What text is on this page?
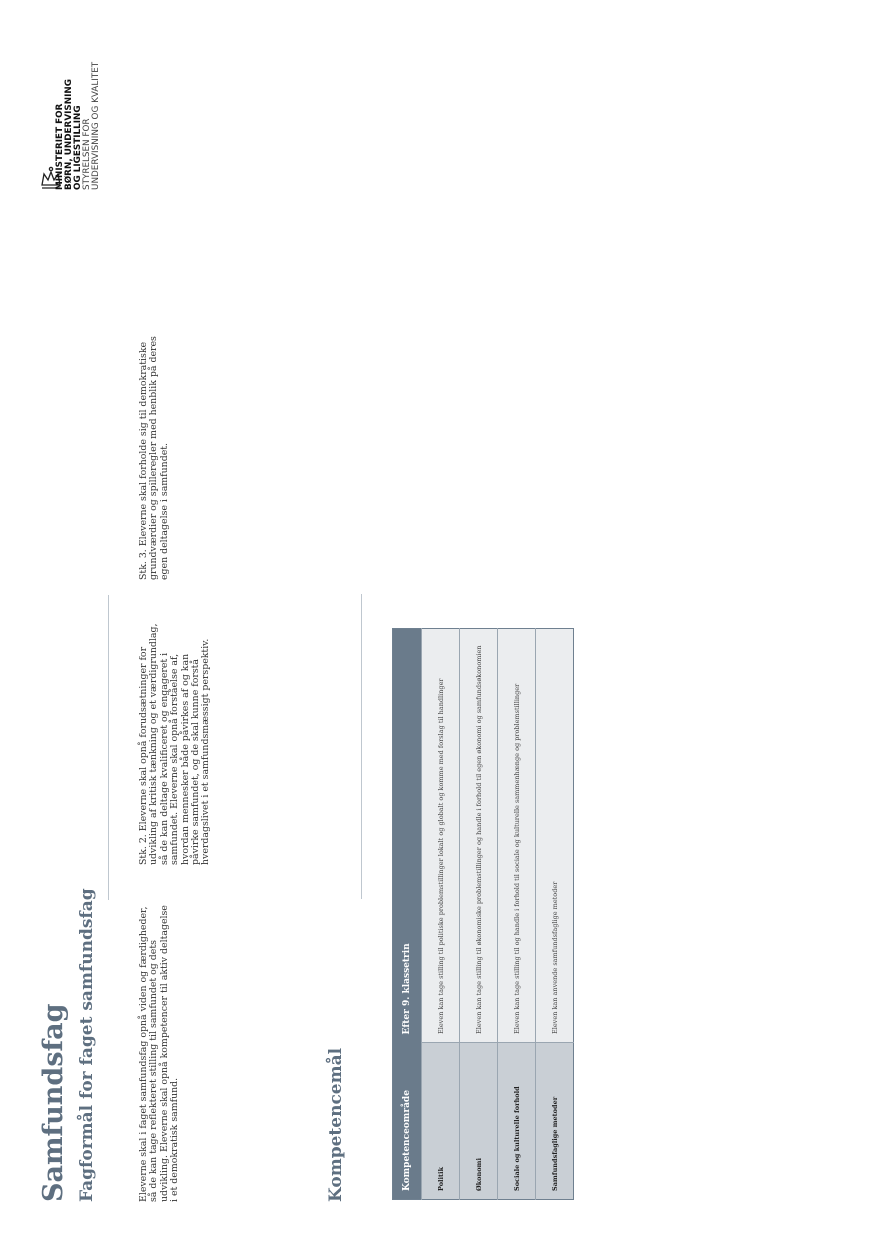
Samfundsfag Fagformål for faget samfundsfag	Eleverne skal i faget samfundsfag opnå viden og færdigheder, så de kan tage reflekteret stilling til samfundet og dets udvikling. Eleverne skal opnå kompetencer til aktiv deltagelse i et demokratisk samfund.
Stk. 2. Eleverne skal opnå forudsætninger for udvikling af kritisk tænkning og et værdigrundlag, så de kan deltage kvalificeret og engageret i samfundet. Eleverne skal opnå forståelse af, hvordan mennesker både påvirkes af og kan påvirke samfundet, og de skal kunne forstå hverdagslivet i et samfundsmæssigt perspektiv.
Stk. 3. Eleverne skal forholde sig til demokratiske grundværdier og spilleregler med henblik på deres egen deltagelse i samfundet.
Kompetencemål	Kompetenceområde	Efter 9. klassetrin
Politik	Eleven kan tage stilling til politiske problemstillinger lokalt og globalt og komme med forslag til handlinger
Økonomi	Eleven kan tage stilling til økonomiske problemstillinger og handle i forhold til egen økonomi og samfundsøkonomien
Sociale og kulturelle forhold	Eleven kan tage stilling til og handle i forhold til sociale og kulturelle sammenhænge og problemstillinger
Samfundsfaglige metoder	Eleven kan anvende samfundsfaglige metoder
MINISTERIET FOR BØRN, UNDERVISNING OG LIGESTILLING STYRELSEN FOR UNDERVISNING OG KVALITET
